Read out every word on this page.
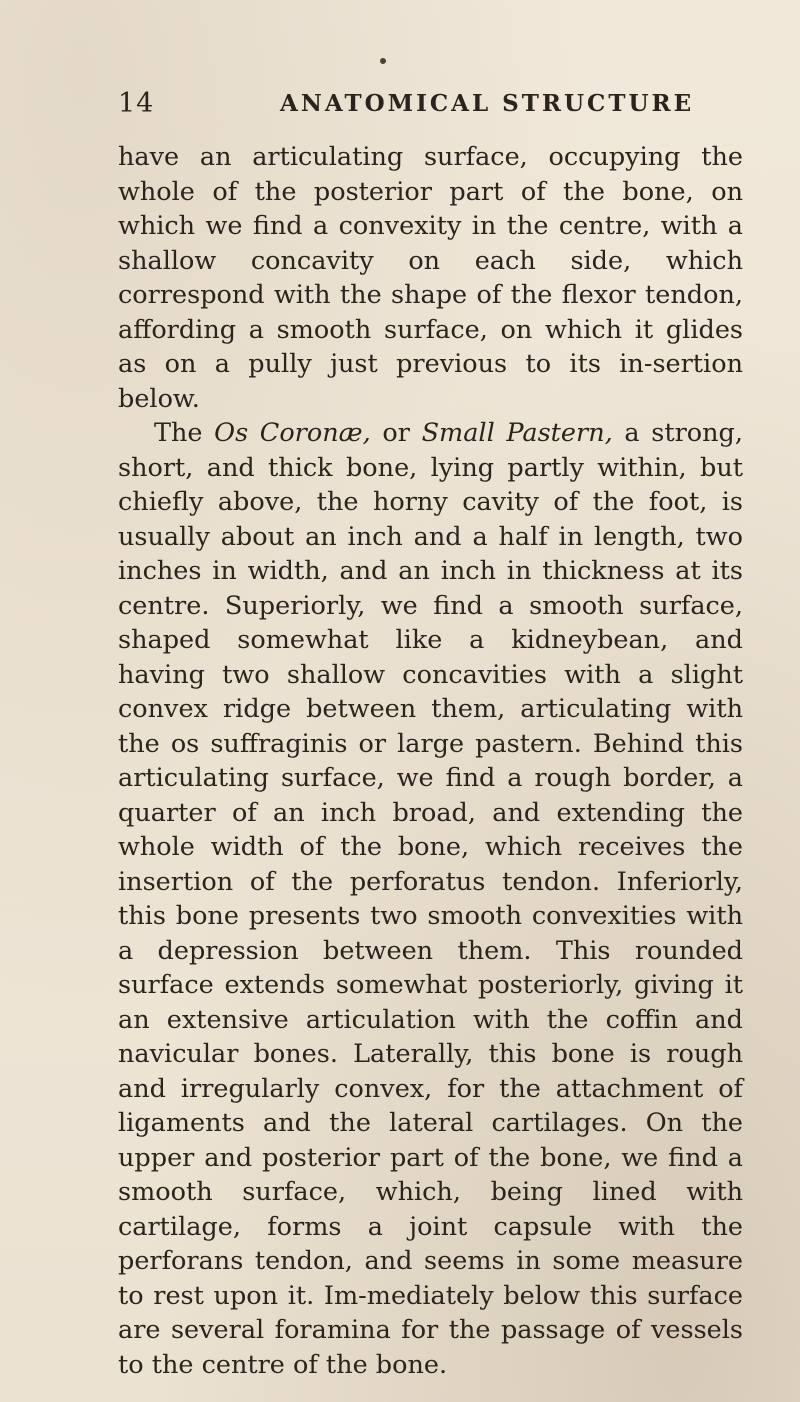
14	ANATOMICAL STRUCTURE

have an articulating surface, occupying the whole of the posterior part of the bone, on which we find a convexity in the centre, with a shallow concavity on each side, which correspond with the shape of the flexor tendon, affording a smooth surface, on which it glides as on a pully just previous to its in-sertion below.

The Os Coronæ, or Small Pastern, a strong, short, and thick bone, lying partly within, but chiefly above, the horny cavity of the foot, is usually about an inch and a half in length, two inches in width, and an inch in thickness at its centre. Superiorly, we find a smooth surface, shaped somewhat like a kidneybean, and having two shallow concavities with a slight convex ridge between them, articulating with the os suffraginis or large pastern. Behind this articulating surface, we find a rough border, a quarter of an inch broad, and extending the whole width of the bone, which receives the insertion of the perforatus tendon. Inferiorly, this bone presents two smooth convexities with a depression between them. This rounded surface extends somewhat posteriorly, giving it an extensive articulation with the coffin and navicular bones. Laterally, this bone is rough and irregularly convex, for the attachment of ligaments and the lateral cartilages. On the upper and posterior part of the bone, we find a smooth surface, which, being lined with cartilage, forms a joint capsule with the perforans tendon, and seems in some measure to rest upon it. Im-mediately below this surface are several foramina for the passage of vessels to the centre of the bone.
